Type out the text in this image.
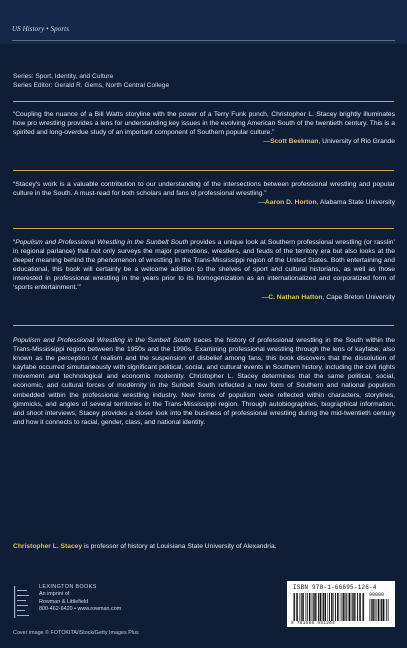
US History • Sports
Series: Sport, Identity, and Culture
Series Editor: Gerald R. Gems, North Central College
“Coupling the nuance of a Bill Watts storyline with the power of a Terry Funk punch, Christopher L. Stacey brightly illuminates how pro wrestling provides a lens for understanding key issues in the evolving American South of the twentieth century. This is a spirited and long-overdue study of an important component of Southern popular culture.”
—Scott Beekman, University of Rio Grande
“Stacey’s work is a valuable contribution to our understanding of the intersections between professional wrestling and popular culture in the South. A must-read for both scholars and fans of professional wrestling.”
—Aaron D. Horton, Alabama State University
“Populism and Professional Wrestling in the Sunbelt South provides a unique look at Southern professional wrestling (or rasslin’ in regional parlance) that not only surveys the major promotions, wrestlers, and feuds of the territory era but also looks at the deeper meaning behind the phenomenon of wrestling in the Trans-Mississippi region of the United States. Both entertaining and educational, this book will certainly be a welcome addition to the shelves of sport and cultural historians, as well as those interested in professional wrestling in the years prior to its homogenization as an internationalized and corporatized form of ‘sports entertainment.’”
—C. Nathan Hatton, Cape Breton University
Populism and Professional Wrestling in the Sunbelt South traces the history of professional wrestling in the South within the Trans-Mississippi region between the 1950s and the 1990s. Examining professional wrestling through the lens of kayfabe, also known as the perception of realism and the suspension of disbelief among fans, this book discovers that the dissolution of kayfabe occurred simultaneously with significant political, social, and cultural events in Southern history, including the civil rights movement and technological and economic modernity. Christopher L. Stacey determines that the same political, social, economic, and cultural forces of modernity in the Sunbelt South reflected a new form of Southern and national populism embedded within the professional wrestling industry. New forms of populism were reflected within characters, storylines, gimmicks, and angles of several territories in the Trans-Mississippi region. Through autobiographies, biographical information, and shoot interviews, Stacey provides a closer look into the business of professional wrestling during the mid-twentieth century and how it connects to racial, gender, class, and national identity.
Christopher L. Stacey is professor of history at Louisiana State University of Alexandria.
LEXINGTON BOOKS
An imprint of
Rowman & Littlefield
800-462-6420 • www.rowman.com
Cover image © FOTOKITA/iStock/Getty Images Plus
ISBN 978-1-66695-126-4
90000
9 781666 951264
